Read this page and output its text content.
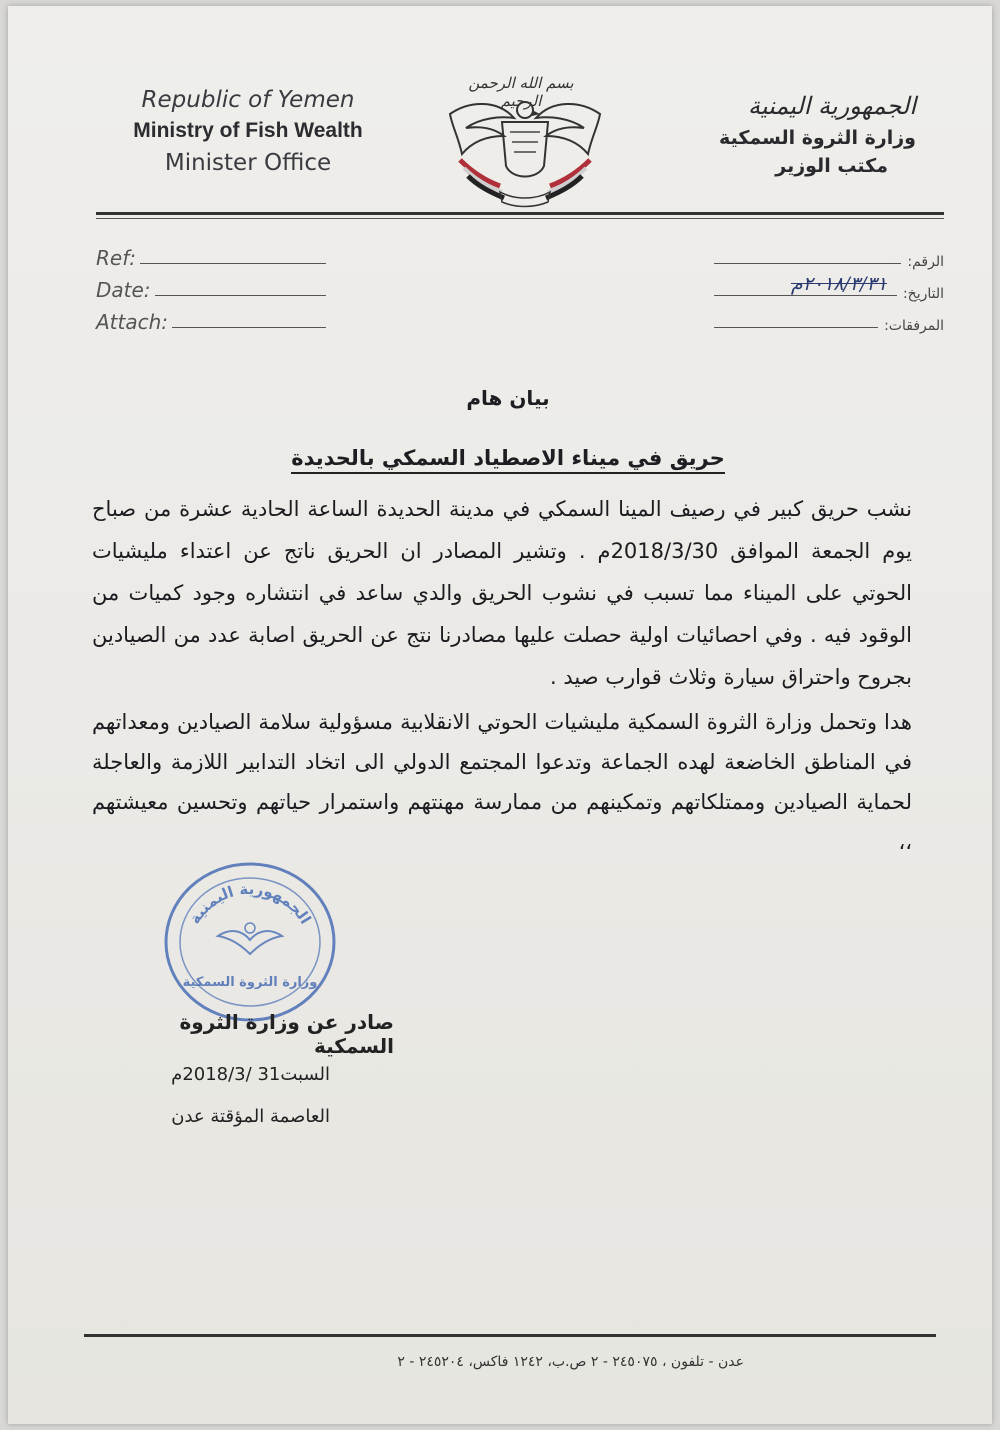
Republic of Yemen
Ministry of Fish Wealth
Minister Office
بسم الله الرحمن الرحيم	الجمهورية اليمنية
وزارة الثروة السمكية
مكتب الوزير
Ref:
Date:
Attach:
الرقم:
التاريخ:
٢٠١٨/٣/٣١م
المرفقات:
بيان هام
حريق في ميناء الاصطياد السمكي بالحديدة
نشب حريق كبير في رصيف المينا السمكي في مدينة الحديدة الساعة الحادية عشرة من صباح يوم الجمعة الموافق 2018/3/30م . وتشير المصادر ان الحريق ناتج عن اعتداء مليشيات الحوتي على الميناء مما تسبب في نشوب الحريق والدي ساعد في انتشاره وجود كميات من الوقود فيه . وفي احصائيات اولية حصلت عليها مصادرنا نتج عن الحريق اصابة عدد من الصيادين بجروح واحتراق سيارة وثلاث قوارب صيد .
هدا وتحمل وزارة الثروة السمكية مليشيات الحوتي الانقلابية مسؤولية سلامة الصيادين ومعداتهم في المناطق الخاضعة لهده الجماعة وتدعوا المجتمع الدولي الى اتخاد التدابير اللازمة والعاجلة لحماية الصيادين وممتلكاتهم وتمكينهم من ممارسة مهنتهم واستمرار حياتهم وتحسين معيشتهم ،،
الجمهورية اليمنية
وزارة الثروة السمكية
صادر عن وزارة الثروة السمكية
السبت31 /2018/3م
العاصمة المؤقتة عدن
عدن - تلفون ، ٢٤٥٠٧٥ - ٢ ص.ب، ١٢٤٢ فاكس، ٢٤٥٢٠٤ - ٢
